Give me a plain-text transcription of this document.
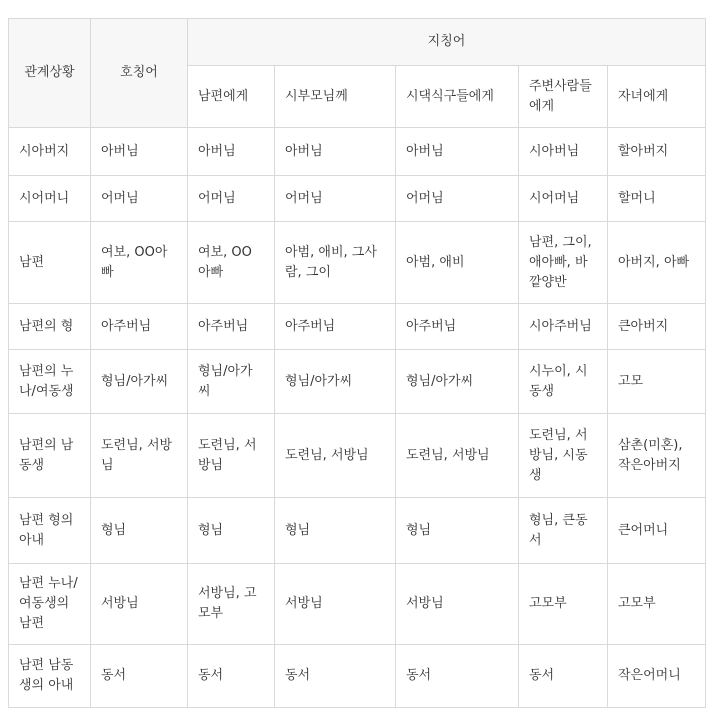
관계상황	호칭어	지칭어				
		남편에게	시부모님께	시댁식구들에게	주변사람들에게	자녀에게
시아버지	아버님	아버님	아버님	아버님	시아버님	할아버지
시어머니	어머님	어머님	어머님	어머님	시어머님	할머니
남편	여보, OO아빠	여보, OO아빠	아범, 애비, 그사람, 그이	아범, 애비	남편, 그이, 애아빠, 바깥양반	아버지, 아빠
남편의 형	아주버님	아주버님	아주버님	아주버님	시아주버님	큰아버지
남편의 누나/여동생	형님/아가씨	형님/아가씨	형님/아가씨	형님/아가씨	시누이, 시동생	고모
남편의 남동생	도련님, 서방님	도련님, 서방님	도련님, 서방님	도련님, 서방님	도련님, 서방님, 시동생	삼촌(미혼), 작은아버지
남편 형의 아내	형님	형님	형님	형님	형님, 큰동서	큰어머니
남편 누나/여동생의 남편	서방님	서방님, 고모부	서방님	서방님	고모부	고모부
남편 남동생의 아내	동서	동서	동서	동서	동서	작은어머니
